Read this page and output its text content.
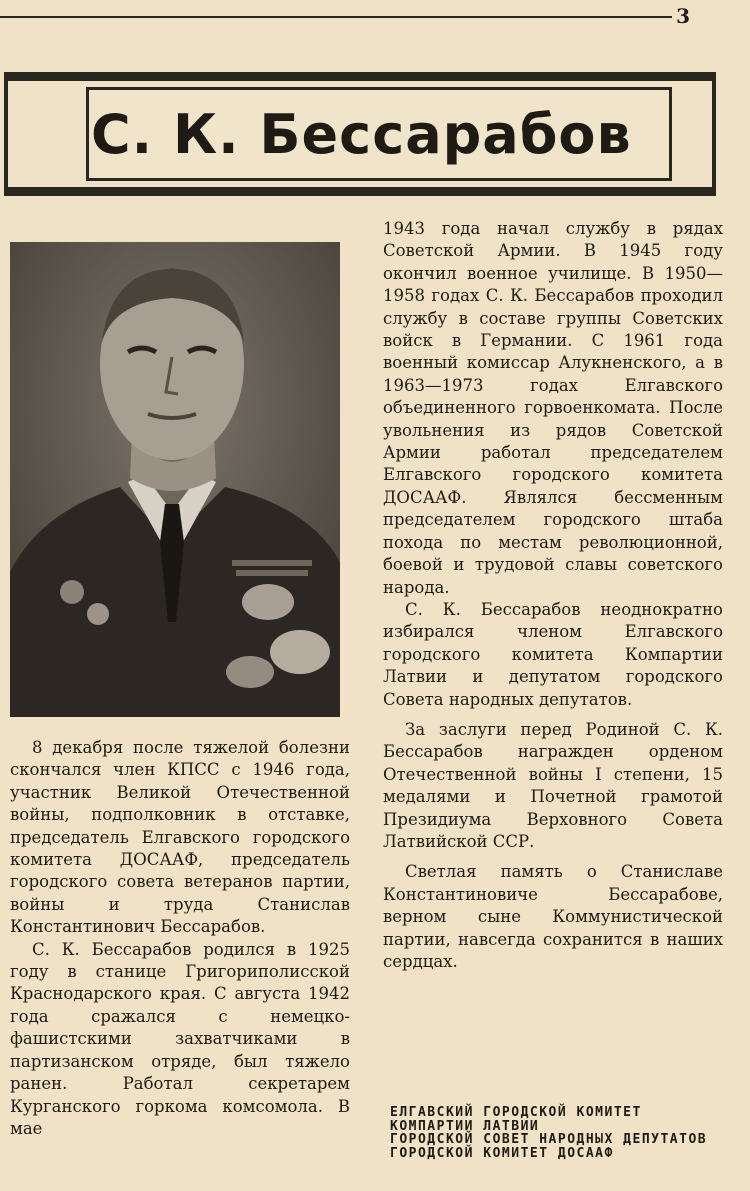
3
С. К. Бессарабов

8 декабря после тяжелой болезни скончался член КПСС с 1946 года, участник Великой Отечественной войны, подполковник в отставке, председатель Елгавского городского комитета ДОСААФ, председатель городского совета ветеранов партии, войны и труда Станислав Константинович Бессарабов.

С. К. Бессарабов родился в 1925 году в станице Григориполисской Краснодарского края. С августа 1942 года сражался с немецко-фашистскими захватчиками в партизанском отряде, был тяжело ранен. Работал секретарем Курганского горкома комсомола. В мае

1943 года начал службу в рядах Советской Армии. В 1945 году окончил военное училище. В 1950—1958 годах С. К. Бессарабов проходил службу в составе группы Советских войск в Германии. С 1961 года военный комиссар Алукненского, а в 1963—1973 годах Елгавского объединенного горвоенкомата. После увольнения из рядов Советской Армии работал председателем Елгавского городского комитета ДОСААФ. Являлся бессменным председателем городского штаба похода по местам революционной, боевой и трудовой славы советского народа.

С. К. Бессарабов неоднократно избирался членом Елгавского городского комитета Компартии Латвии и депутатом городского Совета народных депутатов.

За заслуги перед Родиной С. К. Бессарабов награжден орденом Отечественной войны I степени, 15 медалями и Почетной грамотой Президиума Верховного Совета Латвийской ССР.

Светлая память о Станиславе Константиновиче Бессарабове, верном сыне Коммунистической партии, навсегда сохранится в наших сердцах.

ЕЛГАВСКИЙ ГОРОДСКОЙ КОМИТЕТ КОМПАРТИИ ЛАТВИИ
ГОРОДСКОЙ СОВЕТ НАРОДНЫХ ДЕПУТАТОВ
ГОРОДСКОЙ КОМИТЕТ ДОСААФ
